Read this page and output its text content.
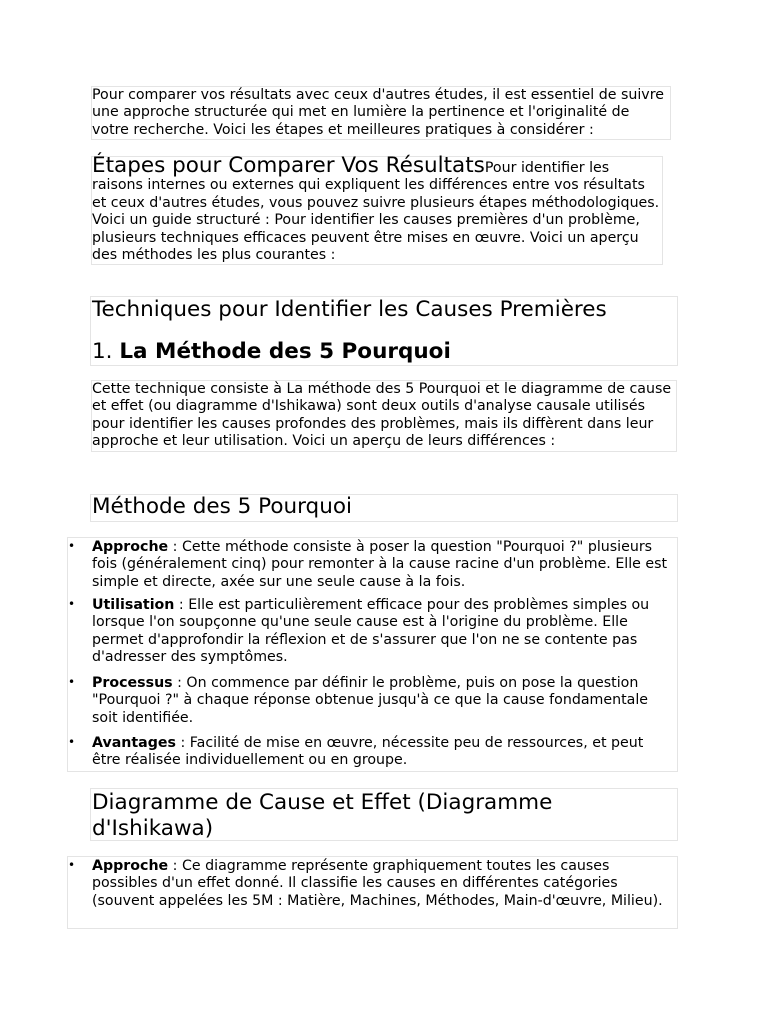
Pour comparer vos résultats avec ceux d'autres études, il est essentiel de suivre une approche structurée qui met en lumière la pertinence et l'originalité de votre recherche. Voici les étapes et meilleures pratiques à considérer :

Étapes pour Comparer Vos RésultatsPour identifier les raisons internes ou externes qui expliquent les différences entre vos résultats et ceux d'autres études, vous pouvez suivre plusieurs étapes méthodologiques. Voici un guide structuré : Pour identifier les causes premières d'un problème, plusieurs techniques efficaces peuvent être mises en œuvre. Voici un aperçu des méthodes les plus courantes :

Techniques pour Identifier les Causes Premières
1. La Méthode des 5 Pourquoi

Cette technique consiste à La méthode des 5 Pourquoi et le diagramme de cause et effet (ou diagramme d'Ishikawa) sont deux outils d'analyse causale utilisés pour identifier les causes profondes des problèmes, mais ils diffèrent dans leur approche et leur utilisation. Voici un aperçu de leurs différences :

Méthode des 5 Pourquoi
• Approche : Cette méthode consiste à poser la question "Pourquoi ?" plusieurs fois (généralement cinq) pour remonter à la cause racine d'un problème. Elle est simple et directe, axée sur une seule cause à la fois.

• Utilisation : Elle est particulièrement efficace pour des problèmes simples ou lorsque l'on soupçonne qu'une seule cause est à l'origine du problème. Elle permet d'approfondir la réflexion et de s'assurer que l'on ne se contente pas d'adresser des symptômes.

• Processus : On commence par définir le problème, puis on pose la question "Pourquoi ?" à chaque réponse obtenue jusqu'à ce que la cause fondamentale soit identifiée.

• Avantages : Facilité de mise en œuvre, nécessite peu de ressources, et peut être réalisée individuellement ou en groupe.

Diagramme de Cause et Effet (Diagramme d'Ishikawa)
• Approche : Ce diagramme représente graphiquement toutes les causes possibles d'un effet donné. Il classifie les causes en différentes catégories (souvent appelées les 5M : Matière, Machines, Méthodes, Main-d'œuvre, Milieu).
